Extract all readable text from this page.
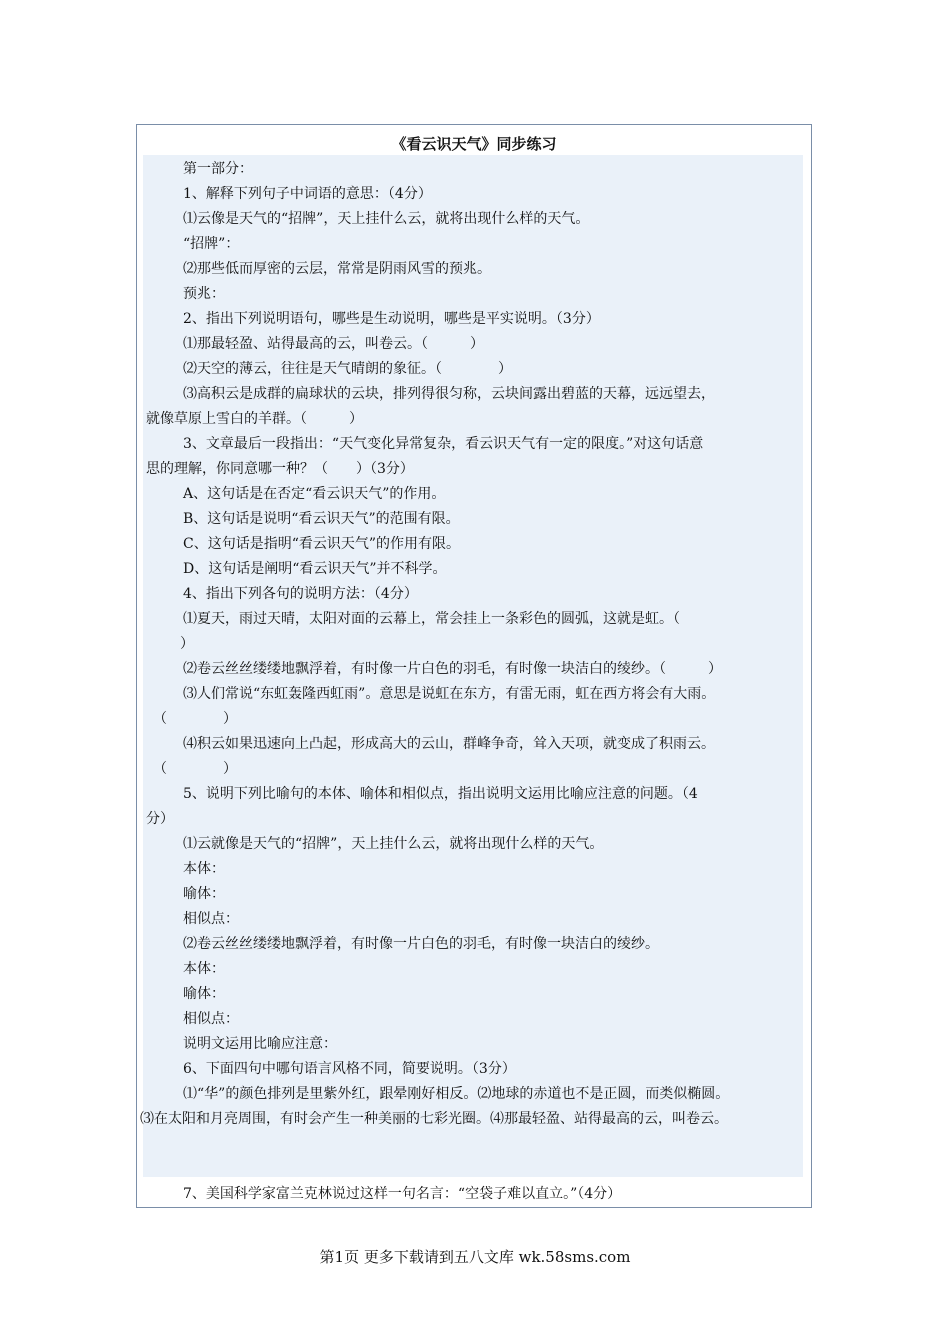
《看云识天气》同步练习
第一部分：
1、解释下列句子中词语的意思：（4分）
⑴云像是天气的“招牌”，天上挂什么云，就将出现什么样的天气。
“招牌”：
⑵那些低而厚密的云层，常常是阴雨风雪的预兆。
预兆：
2、指出下列说明语句，哪些是生动说明，哪些是平实说明。（3分）
⑴那最轻盈、站得最高的云，叫卷云。（　　　）
⑵天空的薄云，往往是天气晴朗的象征。（　　　　）
⑶高积云是成群的扁球状的云块，排列得很匀称，云块间露出碧蓝的天幕，远远望去，
就像草原上雪白的羊群。（　　　）
3、文章最后一段指出：“天气变化异常复杂，看云识天气有一定的限度。”对这句话意
思的理解，你同意哪一种？（　　）（3分）
A、这句话是在否定“看云识天气”的作用。
B、这句话是说明“看云识天气”的范围有限。
C、这句话是指明“看云识天气”的作用有限。
D、这句话是阐明“看云识天气”并不科学。
4、指出下列各句的说明方法：（4分）
⑴夏天，雨过天晴，太阳对面的云幕上，常会挂上一条彩色的圆弧，这就是虹。（
）
⑵卷云丝丝缕缕地飘浮着，有时像一片白色的羽毛，有时像一块洁白的绫纱。（　　　）
⑶人们常说“东虹轰隆西虹雨”。意思是说虹在东方，有雷无雨，虹在西方将会有大雨。
（　　　　）
⑷积云如果迅速向上凸起，形成高大的云山，群峰争奇，耸入天项，就变成了积雨云。
（　　　　）
5、说明下列比喻句的本体、喻体和相似点，指出说明文运用比喻应注意的问题。（4
分）
⑴云就像是天气的“招牌”，天上挂什么云，就将出现什么样的天气。
本体：
喻体：
相似点：
⑵卷云丝丝缕缕地飘浮着，有时像一片白色的羽毛，有时像一块洁白的绫纱。
本体：
喻体：
相似点：
说明文运用比喻应注意：
6、下面四句中哪句语言风格不同，简要说明。（3分）
⑴“华”的颜色排列是里紫外红，跟晕刚好相反。⑵地球的赤道也不是正圆，而类似椭圆。
⑶在太阳和月亮周围，有时会产生一种美丽的七彩光圈。⑷那最轻盈、站得最高的云，叫卷云。
7、美国科学家富兰克林说过这样一句名言：“空袋子难以直立。”（4分）
第1页 更多下载请到五八文库 wk.58sms.com
